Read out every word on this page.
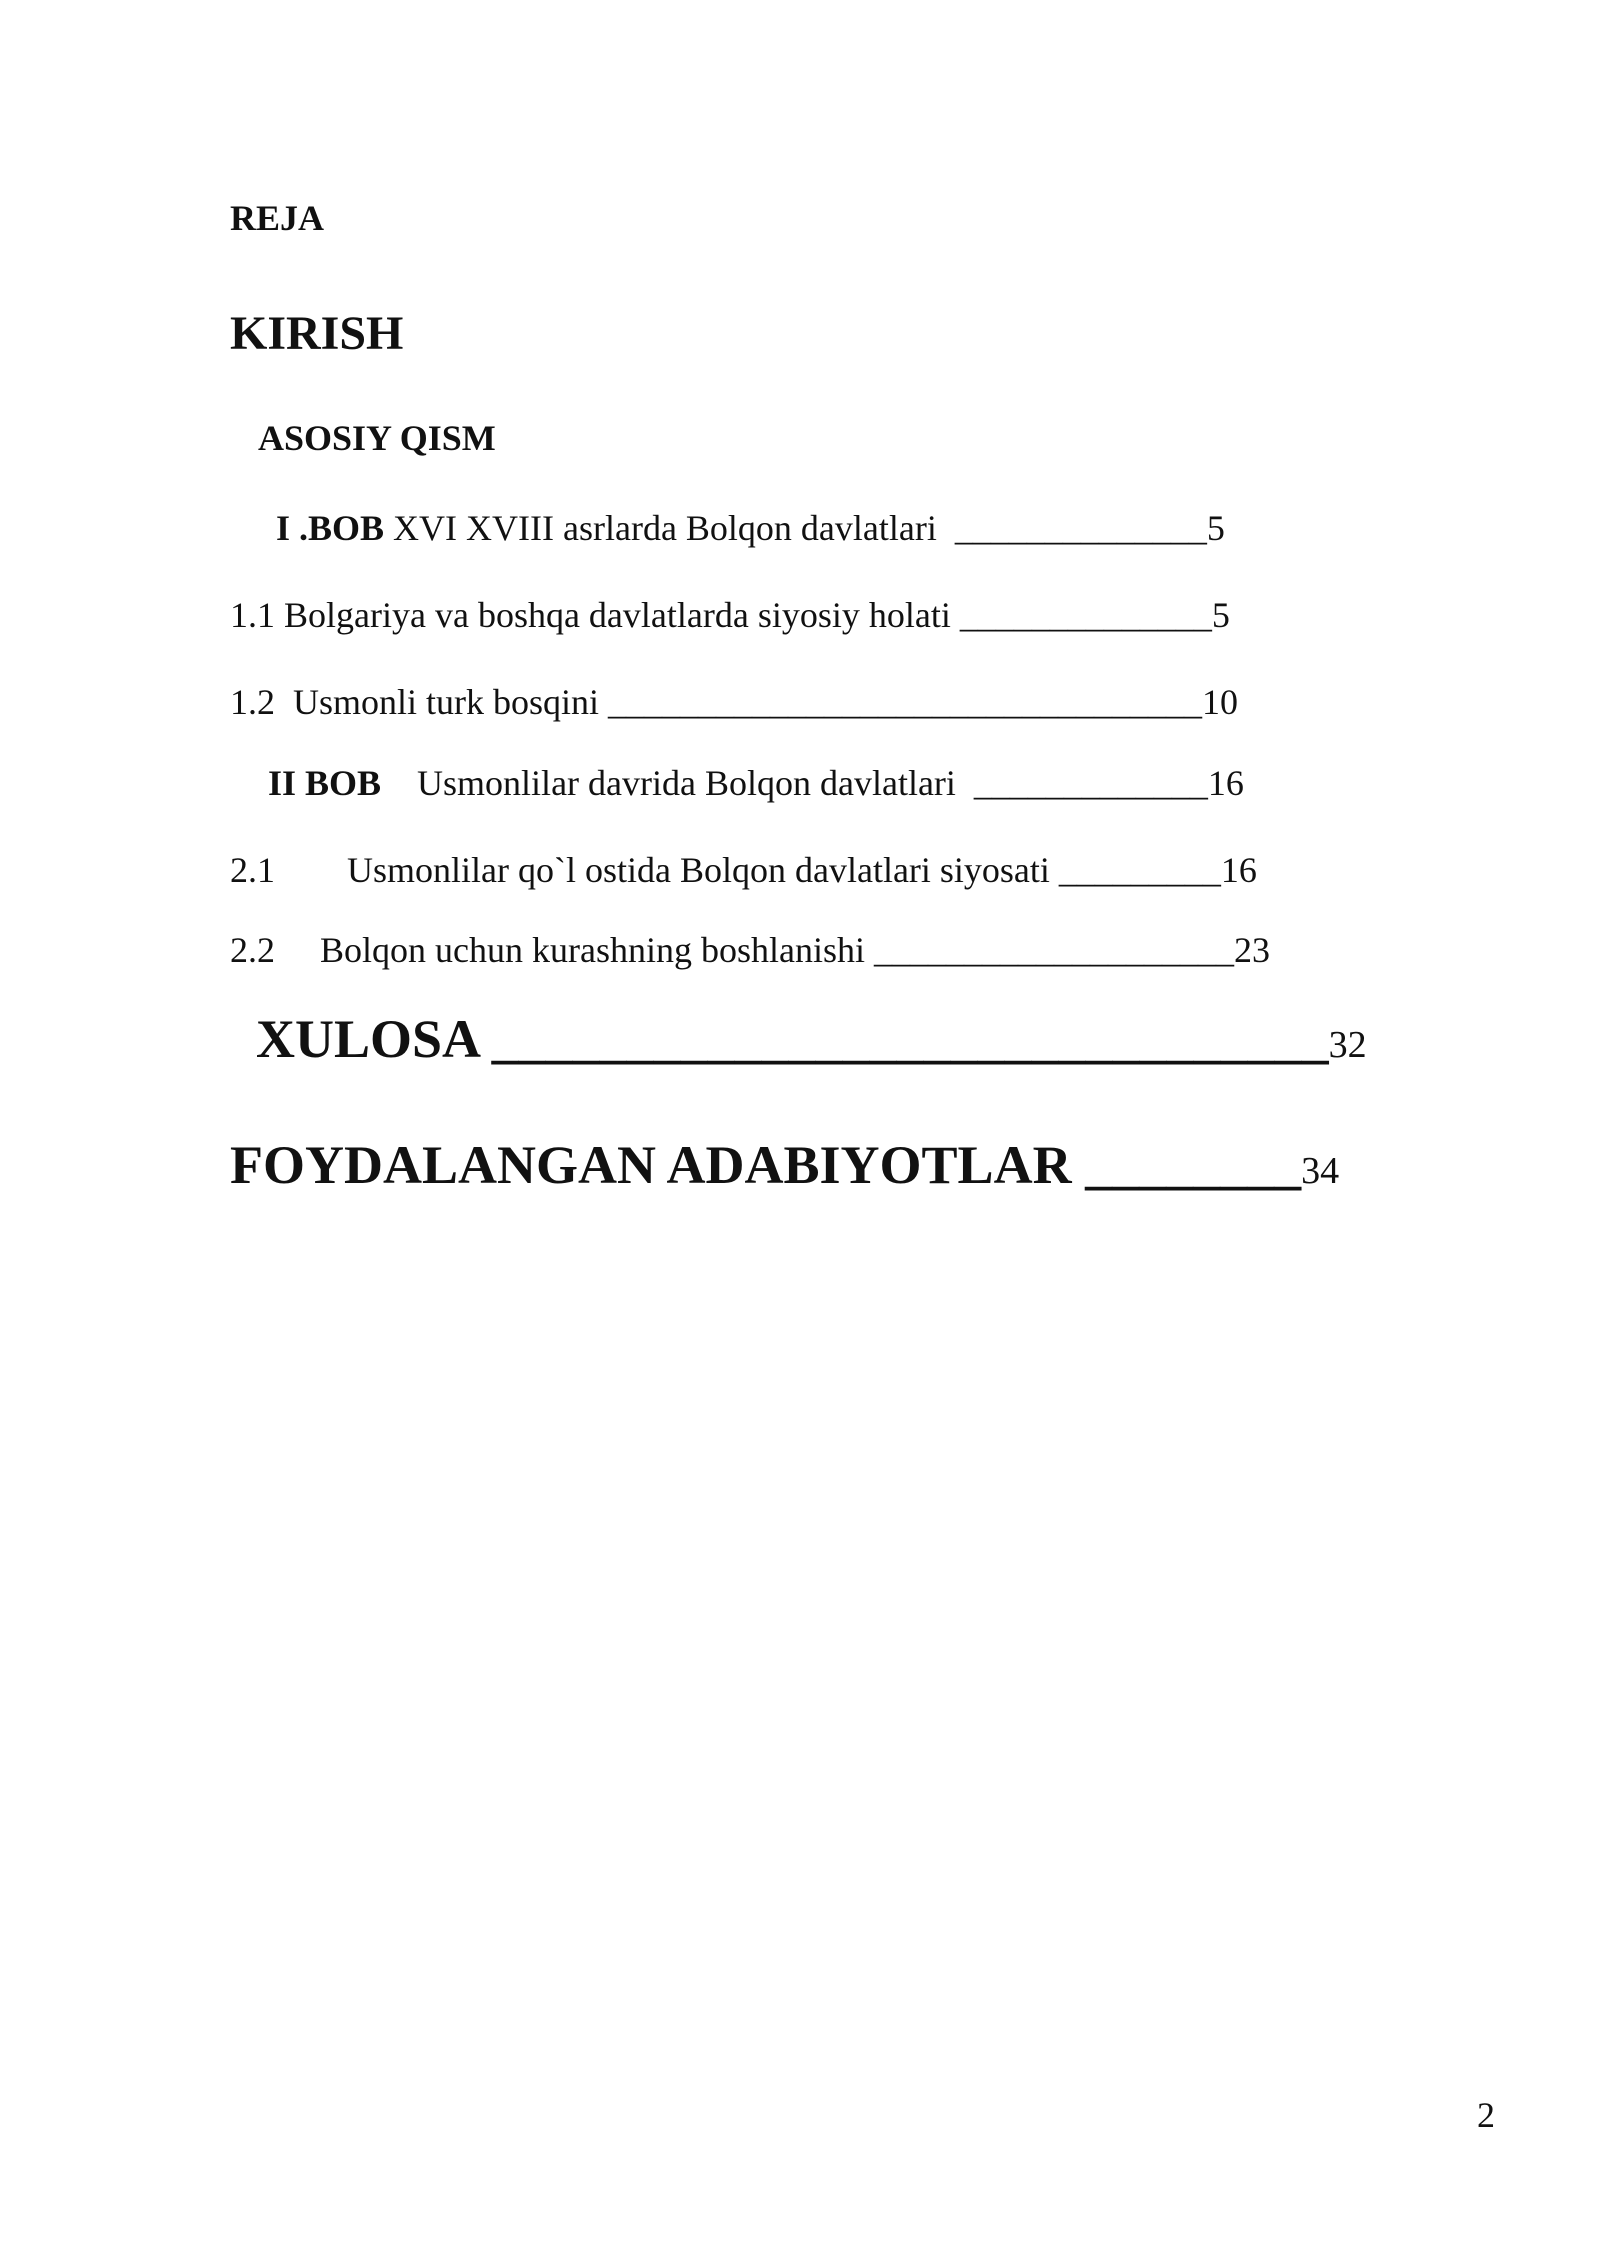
REJA
KIRISH
ASOSIY QISM
I .BOB XVI XVIII asrlarda Bolqon davlatlari  ______________5
1.1 Bolgariya va boshqa davlatlarda siyosiy holati ______________5
1.2  Usmonli turk bosqini _________________________________10
II BOB    Usmonlilar davrida Bolqon davlatlari  _____________16
2.1        Usmonlilar qo`l ostida Bolqon davlatlari siyosati _________16
2.2     Bolqon uchun kurashning boshlanishi ____________________23
XULOSA _______________________________32
FOYDALANGAN ADABIYOTLAR ________34
2
